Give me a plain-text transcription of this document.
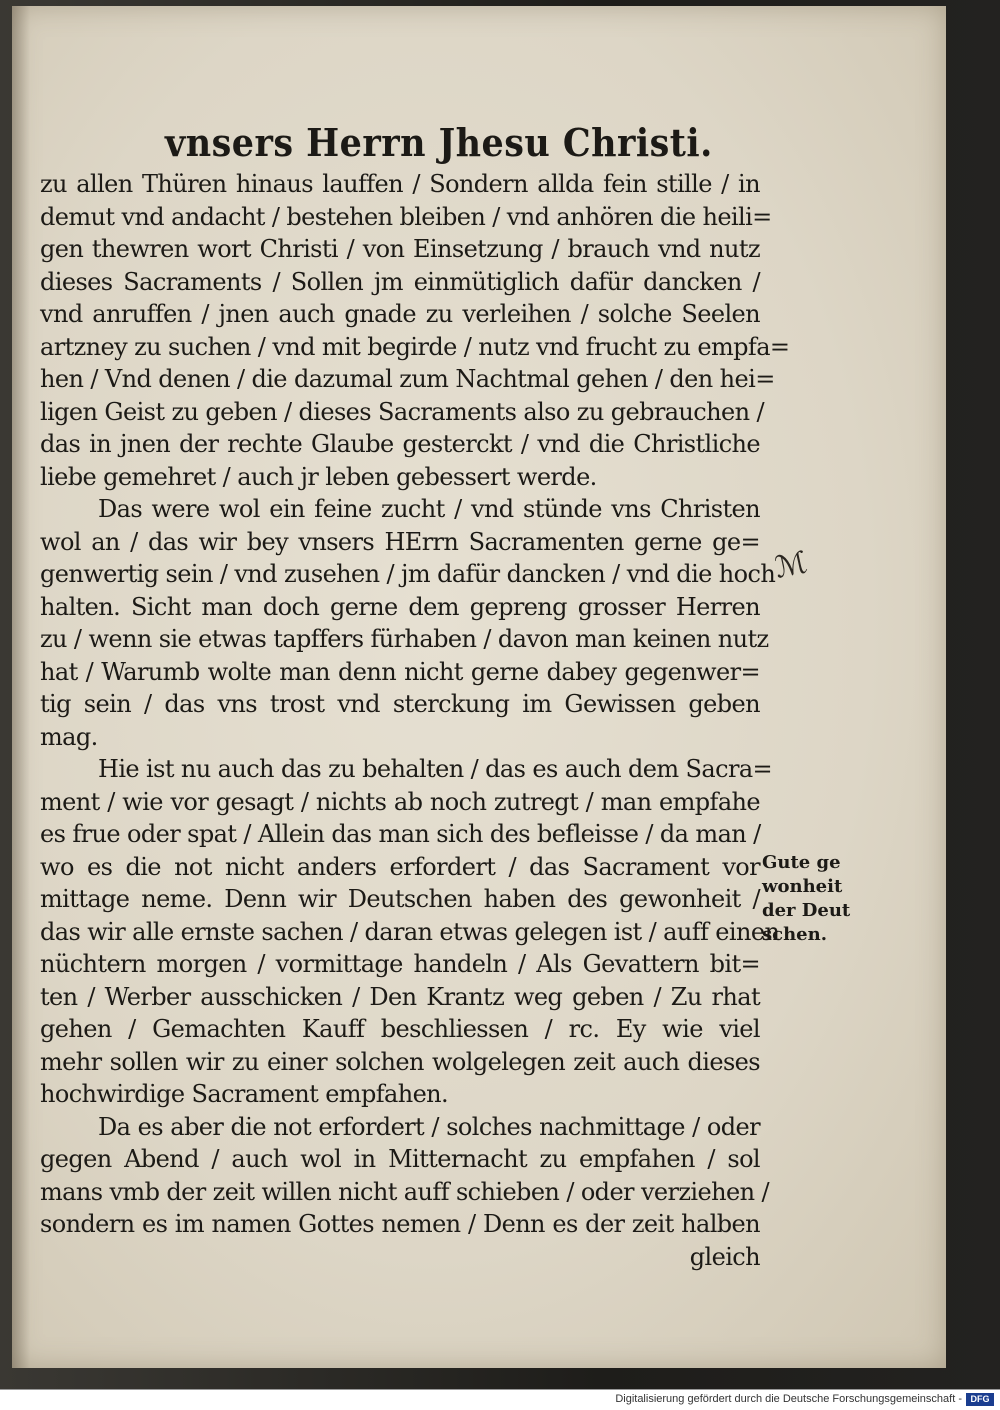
vnsers Herrn Jhesu Christi.
zu allen Thüren hinaus lauffen / Sondern allda fein stille / in
demut vnd andacht / bestehen bleiben / vnd anhören die heili=
gen thewren wort Christi / von Einsetzung / brauch vnd nutz
dieses Sacraments / Sollen jm einmütiglich dafür dancken /
vnd anruffen / jnen auch gnade zu verleihen / solche Seelen
artzney zu suchen / vnd mit begirde / nutz vnd frucht zu empfa=
hen / Vnd denen / die dazumal zum Nachtmal gehen / den hei=
ligen Geist zu geben / dieses Sacraments also zu gebrauchen /
das in jnen der rechte Glaube gesterckt / vnd die Christliche
liebe gemehret / auch jr leben gebessert werde.
Das were wol ein feine zucht / vnd stünde vns Christen
wol an / das wir bey vnsers HErrn Sacramenten gerne ge=
genwertig sein / vnd zusehen / jm dafür dancken / vnd die hoch
halten. Sicht man doch gerne dem gepreng grosser Herren
zu / wenn sie etwas tapffers fürhaben / davon man keinen nutz
hat / Warumb wolte man denn nicht gerne dabey gegenwer=
tig sein / das vns trost vnd sterckung im Gewissen geben
mag.
Hie ist nu auch das zu behalten / das es auch dem Sacra=
ment / wie vor gesagt / nichts ab noch zutregt / man empfahe
es frue oder spat / Allein das man sich des befleisse / da man /
wo es die not nicht anders erfordert / das Sacrament vor
mittage neme. Denn wir Deutschen haben des gewonheit /
das wir alle ernste sachen / daran etwas gelegen ist / auff einen
nüchtern morgen / vormittage handeln / Als Gevattern bit=
ten / Werber ausschicken / Den Krantz weg geben / Zu rhat
gehen / Gemachten Kauff beschliessen / rc. Ey wie viel
mehr sollen wir zu einer solchen wolgelegen zeit auch dieses
hochwirdige Sacrament empfahen.
Da es aber die not erfordert / solches nachmittage / oder
gegen Abend / auch wol in Mitternacht zu empfahen / sol
mans vmb der zeit willen nicht auff schieben / oder verziehen /
sondern es im namen Gottes nemen / Denn es der zeit halben
gleich
ℳ
Gute ge
wonheit
der Deut
schen.
Digitalisierung gefördert durch die Deutsche Forschungsgemeinschaft - DFG
